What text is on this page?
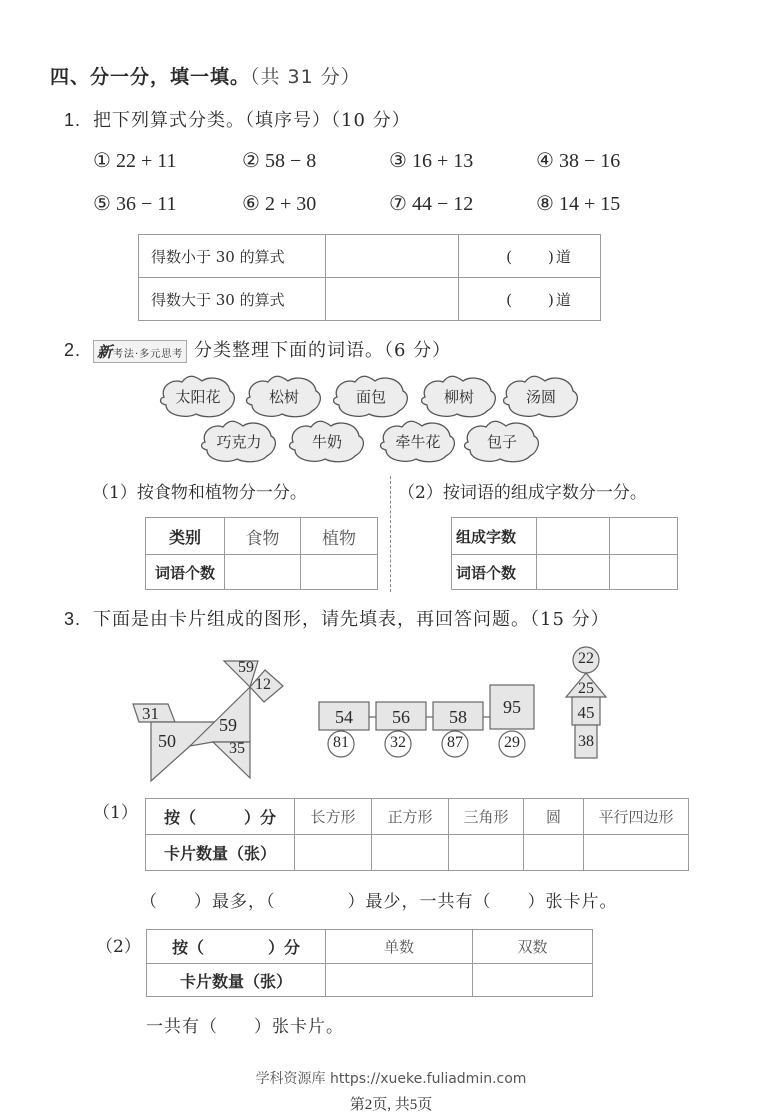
四、分一分，填一填。（共 31 分）
1. 把下列算式分类。（填序号）（10 分）
① 22 + 11	② 58 − 8	③ 16 + 13	④ 38 − 16
⑤ 36 − 11	⑥ 2 + 30	⑦ 44 − 12	⑧ 14 + 15
得数小于 30 的算式		(　　)道
得数大于 30 的算式		(　　)道
2. 新考法·多元思考 分类整理下面的词语。（6 分）
太阳花	松树	面包	柳树	汤圆
巧克力	牛奶	牵牛花	包子
（1）按食物和植物分一分。	（2）按词语的组成字数分一分。
类别	食物	植物
词语个数		
组成字数		
词语个数		
3. 下面是由卡片组成的图形，请先填表，再回答问题。（15 分）
31
50
59
35
59
12
54	56	58	95
81	32	87	29
22
25
45
38
（1） 按（　　　）分	长方形	正方形	三角形	圆	平行四边形
卡片数量（张）					
（　　）最多，（　　　　）最少，一共有（　　）张卡片。
（2） 按（　　　　）分	单数	双数
卡片数量（张）		
一共有（　　）张卡片。
学科资源库 https://xueke.fuliadmin.com
第2页, 共5页
